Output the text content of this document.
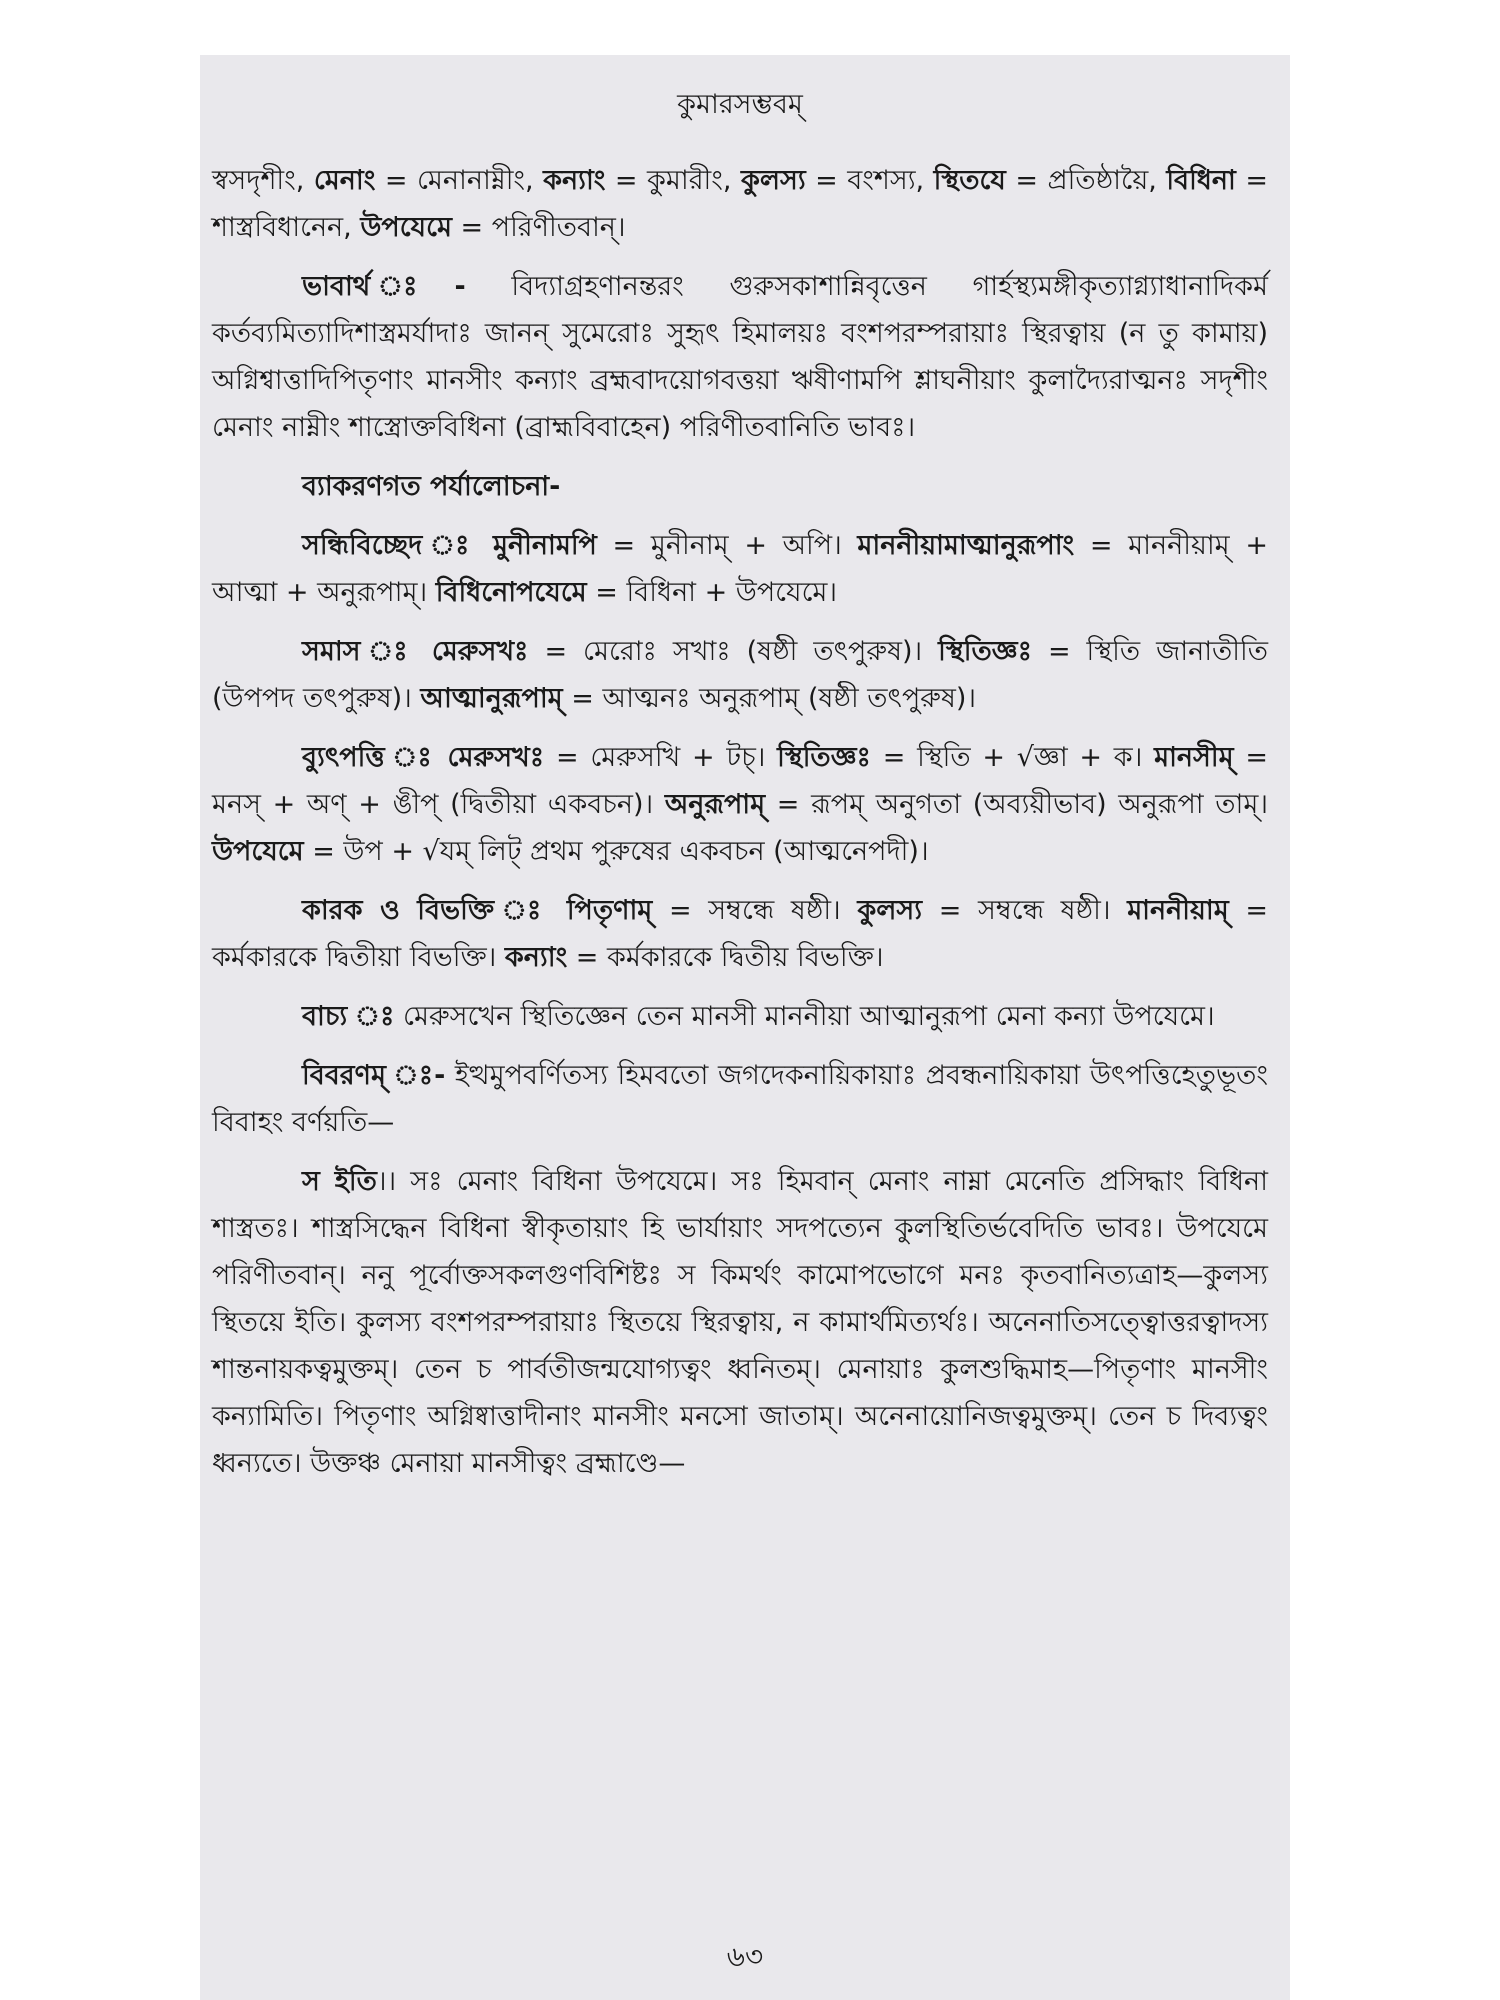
কুমারসম্ভবম্

স্বসদৃশীং, মেনাং = মেনানাম্নীং, কন্যাং = কুমারীং, কুলস্য = বংশস্য, স্থিতযে = প্রতিষ্ঠায়ৈ, বিধিনা = শাস্ত্রবিধানেন, উপযেমে = পরিণীতবান্।

ভাবার্থ ঃ- বিদ্যাগ্রহণানন্তরং গুরুসকাশান্নিবৃত্তেন গার্হস্থ্যমঙ্গীকৃত্যাগ্ন্যাধানাদিকর্ম কর্তব্যমিত্যাদিশাস্ত্রমর্যাদাঃ জানন্ সুমেরোঃ সুহৃৎ হিমালয়ঃ বংশপরম্পরায়াঃ স্থিরত্বায় (ন তু কামায়) অগ্নিশ্বাত্তাদিপিতৃণাং মানসীং কন্যাং ব্রহ্মবাদয়োগবত্তয়া ঋষীণামপি শ্লাঘনীয়াং কুলাদ্যৈরাত্মনঃ সদৃশীং মেনাং নাম্নীং শাস্ত্রোক্তবিধিনা (ব্রাহ্মবিবাহেন) পরিণীতবানিতি ভাবঃ।

ব্যাকরণগত পর্যালোচনা-

সন্ধিবিচ্ছেদ ঃ মুনীনামপি = মুনীনাম্ + অপি। মাননীয়ামাত্মানুরূপাং = মাননীয়াম্ + আত্মা + অনুরূপাম্। বিধিনোপযেমে = বিধিনা + উপযেমে।

সমাস ঃ মেরুসখঃ = মেরোঃ সখাঃ (ষষ্ঠী তৎপুরুষ)। স্থিতিজ্ঞঃ = স্থিতি জানাতীতি (উপপদ তৎপুরুষ)। আত্মানুরূপাম্ = আত্মনঃ অনুরূপাম্ (ষষ্ঠী তৎপুরুষ)।

ব্যুৎপত্তি ঃ মেরুসখঃ = মেরুসখি + টচ্। স্থিতিজ্ঞঃ = স্থিতি + √জ্ঞা + ক। মানসীম্ = মনস্ + অণ্ + ঙীপ্ (দ্বিতীয়া একবচন)। অনুরূপাম্ = রূপম্ অনুগতা (অব্যয়ীভাব) অনুরূপা তাম্। উপযেমে = উপ + √যম্ লিট্ প্রথম পুরুষের একবচন (আত্মনেপদী)।

কারক ও বিভক্তি ঃ পিতৃণাম্ = সম্বন্ধে ষষ্ঠী। কুলস্য = সম্বন্ধে ষষ্ঠী। মাননীয়াম্ = কর্মকারকে দ্বিতীয়া বিভক্তি। কন্যাং = কর্মকারকে দ্বিতীয় বিভক্তি।

বাচ্য ঃ মেরুসখেন স্থিতিজ্ঞেন তেন মানসী মাননীয়া আত্মানুরূপা মেনা কন্যা উপযেমে।

বিবরণম্ ঃ- ইত্থমুপবর্ণিতস্য হিমবতো জগদেকনায়িকায়াঃ প্রবন্ধনায়িকায়া উৎপত্তিহেতুভূতং বিবাহং বর্ণয়তি—

স ইতি।। সঃ মেনাং বিধিনা উপযেমে। সঃ হিমবান্ মেনাং নাম্না মেনেতি প্রসিদ্ধাং বিধিনা শাস্ত্রতঃ। শাস্ত্রসিদ্ধেন বিধিনা স্বীকৃতায়াং হি ভার্যায়াং সদপত্যেন কুলস্থিতির্ভবেদিতি ভাবঃ। উপযেমে পরিণীতবান্। ননু পূর্বোক্তসকলগুণবিশিষ্টঃ স কিমর্থং কামোপভোগে মনঃ কৃতবানিত্যত্রাহ—কুলস্য স্থিতয়ে ইতি। কুলস্য বংশপরম্পরায়াঃ স্থিতয়ে স্থিরত্বায়, ন কামার্থমিত্যর্থঃ। অনেনাতিসত্ত্বোত্তরত্বাদস্য শান্তনায়কত্বমুক্তম্। তেন চ পার্বতীজন্মযোগ্যত্বং ধ্বনিতম্। মেনায়াঃ কুলশুদ্ধিমাহ—পিতৃণাং মানসীং কন্যামিতি। পিতৃণাং অগ্নিষ্বাত্তাদীনাং মানসীং মনসো জাতাম্। অনেনায়োনিজত্বমুক্তম্। তেন চ দিব্যত্বং ধ্বন্যতে। উক্তঞ্চ মেনায়া মানসীত্বং ব্রহ্মাণ্ডে—

৬৩
